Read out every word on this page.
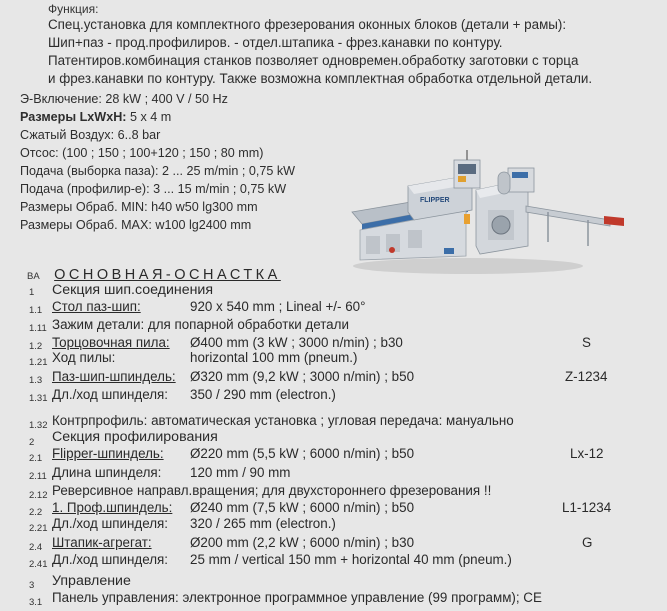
Функция:
Спец.установка для комплектного фрезерования оконных блоков (детали + рамы):
Шип+паз - прод.профилиров. - отдел.штапика - фрез.канавки по контуру.
Патентиров.комбинация станков позволяет одновремен.обработку заготовки с торца
и фрез.канавки по контуру. Также возможна комплектная обработка отдельной детали.
Э-Включение: 28 kW ; 400 V / 50 Hz
Размеры LxWxH: 5 x 4 m
Сжатый Воздух: 6..8 bar
Отсос: (100 ; 150 ; 100+120 ; 150 ; 80 mm)
Подача (выборка паза): 2 ... 25 m/min ; 0,75 kW
Подача (профилир-е): 3 ... 15 m/min ; 0,75 kW
Размеры Обраб. MIN: h40 w50 lg300 mm
Размеры Обраб. MAX: w100 lg2400 mm
FLIPPER
BA ОСНОВНАЯ-ОСНАСТКА
1 Секция шип.соединения
1.1 Стол паз-шип:	920 x 540 mm ; Lineal +/- 60°
1.11 Зажим детали: для попарной обработки детали
1.2 Торцовочная пила: Ø400 mm (3 kW ; 3000 n/min) ; b30	S
1.21 Ход пилы:	horizontal 100 mm (pneum.)
1.3 Паз-шип-шпиндель: Ø320 mm (9,2 kW ; 3000 n/min) ; b50	Z-1234
1.31 Дл./ход шпинделя: 350 / 290 mm (electron.)
1.32 Контрпрофиль: автоматическая установка ; угловая передача: мануально
2 Секция профилирования
2.1 Flipper-шпиндель: Ø220 mm (5,5 kW ; 6000 n/min) ; b50	Lx-12
2.11 Длина шпинделя: 120 mm / 90 mm
2.12 Реверсивное направл.вращения; для двухстороннего фрезерования !!
2.2 1. Проф.шпиндель: Ø240 mm (7,5 kW ; 6000 n/min) ; b50	L1-1234
2.21 Дл./ход шпинделя: 320 / 265 mm (electron.)
2.4 Штапик-агрегат:	Ø200 mm (2,2 kW ; 6000 n/min) ; b30	G
2.41 Дл./ход шпинделя: 25 mm / vertical 150 mm + horizontal 40 mm (pneum.)
3 Управление
3.1 Панель управления: электронное программное управление (99 программ); CE
